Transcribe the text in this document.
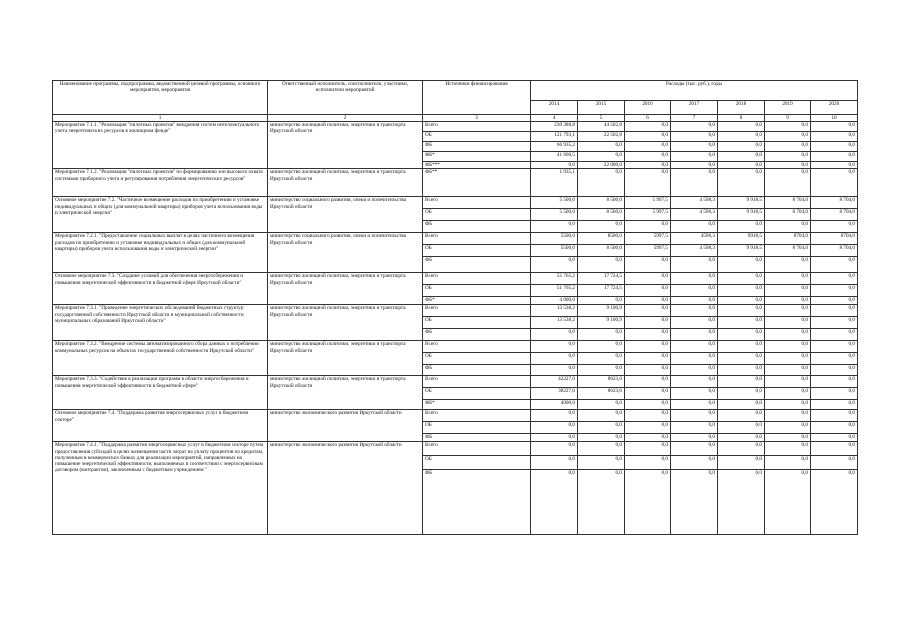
Наименование программы, подпрограммы, ведомственной целевой программы, основного мероприятия, мероприятия	Ответственный исполнитель, соисполнители, участники, исполнители мероприятий	Источники финансирования	Расходы (тыс. руб.), годы						
			2014	2015	2016	2017	2018	2019	2020
1	2	3	4	5	6	7	8	9	10
Мероприятие 7.1.1. "Реализация "пилотных проектов" внедрения систем интеллектуального учета энергетических ресурсов в жилищном фонде"	министерство жилищной политики, энергетики и транспорта Иркутской области	Всего	230 388,8	44 502,8	0,0	0,0	0,0	0,0	0,0
		ОБ	121 793,1	22 502,8	0,0	0,0	0,0	0,0	0,0
		ФБ	66 935,2	0,0	0,0	0,0	0,0	0,0	0,0
		ФБ*	41 660,5	0,0	0,0	0,0	0,0	0,0	0,0
		ФБ***	0,0	22 000,0	0,0	0,0	0,0	0,0	0,0
Мероприятие 7.1.2. "Реализация "пилотных проектов" по формированию зон высокого охвата системами приборного учета и регулирования потребления энергетических ресурсов"	министерство жилищной политики, энергетики и транспорта Иркутской области	ФБ**	1 935,1	0,0	0,0	0,0	0,0	0,0	0,0
Основное мероприятие 7.2. "Частичное возмещение расходов по приобретению и установке индивидуальных и общих (для коммунальной квартиры) приборов учета использования воды и электрической энергии"	министерство социального развития, опеки и попечительства Иркутской области	Всего	5 500,0	8 500,0	5 997,5	4 598,3	9 918,5	8 704,0	8 704,0
		ОБ	5 500,0	8 500,0	5 997,5	4 598,3	9 918,5	8 704,0	8 704,0
		ФБ	0,0	0,0	0,0	0,0	0,0	0,0	0,0
Мероприятие 7.2.1. "Предоставление социальных выплат в целях частичного возмещения расходов по приобретению и установке индивидуальных и общих (для коммунальной квартиры) приборов учета использования воды и электрической энергии"	министерство социального развития, опеки и попечительства Иркутской области	Всего	5500,0	8500,0	5997,5	4598,3	9918,5	8704,0	8704,0
		ОБ	5500,0	8 500,0	5997,5	4 598,3	9 918,5	8 704,0	8 704,0
		ФБ	0,0	0,0	0,0	0,0	0,0	0,0	0,0
Основное мероприятие 7.3. "Создание условий для обеспечения энергосбережения и повышения энергетической эффективности в бюджетной сфере Иркутской области"	министерство жилищной политики, энергетики и транспорта Иркутской области	Всего	55 765,2	17 724,5	0,0	0,0	0,0	0,0	0,0
		ОБ	51 765,2	17 724,5	0,0	0,0	0,0	0,0	0,0
		ФБ*	4 000,0	0,0	0,0	0,0	0,0	0,0	0,0
Мероприятие 7.3.1. "Проведение энергетических обследований бюджетных структур государственной собственности Иркутской области и муниципальной собственности муниципальных образований Иркутской области"	министерство жилищной политики, энергетики и транспорта Иркутской области	Всего	13 538,2	9 100,9	0,0	0,0	0,0	0,0	0,0
		ОБ	13 538,2	9 100,9	0,0	0,0	0,0	0,0	0,0
		ФБ	0,0	0,0	0,0	0,0	0,0	0,0	0,0
Мероприятие 7.3.2. "Внедрение системы автоматизированного сбора данных о потреблении коммунальных ресурсов на объектах государственной собственности Иркутской области"	министерство жилищной политики, энергетики и транспорта Иркутской области	Всего	0,0	0,0	0,0	0,0	0,0	0,0	0,0
		ОБ	0,0	0,0	0,0	0,0	0,0	0,0	0,0
		ФБ	0,0	0,0	0,0	0,0	0,0	0,0	0,0
Мероприятие 7.3.3. "Содействие в реализации программ в области энергосбережения и повышения энергетической эффективности в бюджетной сфере"	министерство жилищной политики, энергетики и транспорта Иркутской области	Всего	42227,0	8623,6	0,0	0,0	0,0	0,0	0,0
		ОБ	38227,0	8623,6	0,0	0,0	0,0	0,0	0,0
		ФБ*	4000,0	0,0	0,0	0,0	0,0	0,0	0,0
Основное мероприятие 7.4. "Поддержка развития энергосервисных услуг в бюджетном секторе"	министерство экономического развития Иркутской области	Всего	0,0	0,0	0,0	0,0	0,0	0,0	0,0
		ОБ	0,0	0,0	0,0	0,0	0,0	0,0	0,0
		ФБ	0,0	0,0	0,0	0,0	0,0	0,0	0,0
Мероприятие 7.4.1. "Поддержка развития энергосервисных услуг в бюджетном секторе путем предоставления субсидий в целях возмещения части затрат на уплату процентов по кредитам, полученным в коммерческих банках для реализации мероприятий, направленных на повышение энергетической эффективности, выполняемых в соответствии с энергосервисным договором (контрактом), заключенным с бюджетным учреждением "	министерство экономического развития Иркутской области	Всего	0,0	0,0	0,0	0,0	0,0	0,0	0,0
		ОБ	0,0	0,0	0,0	0,0	0,0	0,0	0,0
		ФБ	0,0	0,0	0,0	0,0	0,0	0,0	0,0
